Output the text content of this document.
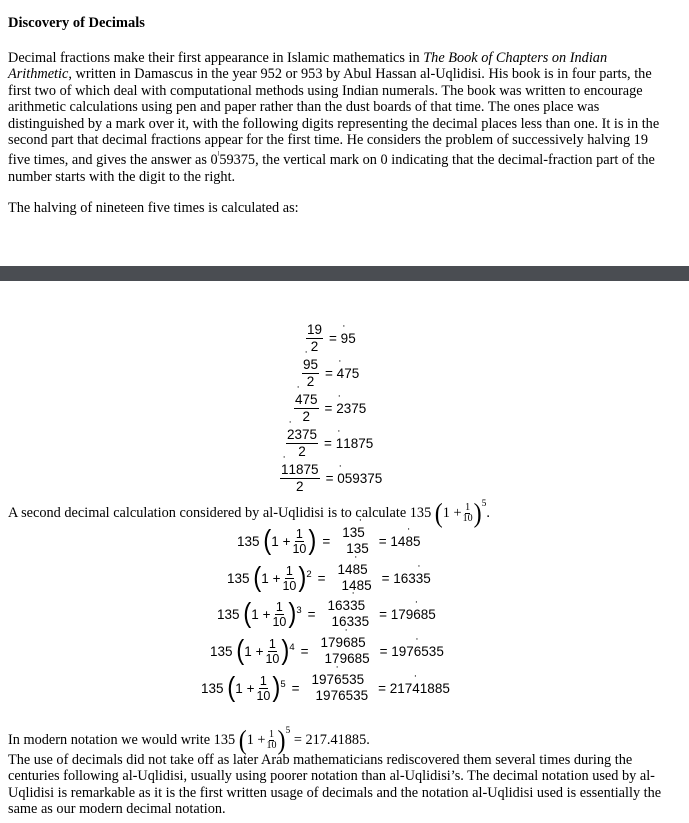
Discovery of Decimals
Decimal fractions make their first appearance in Islamic mathematics in The Book of Chapters on Indian Arithmetic, written in Damascus in the year 952 or 953 by Abul Hassan al-Uqlidisi. His book is in four parts, the first two of which deal with computational methods using Indian numerals. The book was written to encourage arithmetic calculations using pen and paper rather than the dust boards of that time. The ones place was distinguished by a mark over it, with the following digits representing the decimal places less than one. It is in the second part that decimal fractions appear for the first time. He considers the problem of successively halving 19 five times, and gives the answer as $0^ˡ59375$, the vertical mark on 0 indicating that the decimal-fraction part of the number starts with the digit to the right.
The halving of nineteen five times is calculated as:
$\frac{19}{2}$ = ˙ 95
˙ $\frac{95}{2}$ = ˙ 475
˙ $\frac{475}{2}$ = ˙ 2375
˙ $\frac{2375}{2}$ = ˙ 11875
˙ $\frac{11875}{2}$ = ˙ 059375
A second decimal calculation considered by al-Uqlidisi is to calculate 135 $(1 + \frac{1}{10} )^5$.
135
( $1 + \frac{1}{10}$ ) =
13˙ 5
135 = 14˙ 85
135
( $1 + \frac{1}{10}$ ) 2 =
14˙ 85
1485 = 163˙ 35
135
( $1 + \frac{1}{10}$ ) 3 =
163˙ 35
16335 = 179˙ 685
135
( $1 + \frac{1}{10}$ ) 4 =
179˙ 685
179685 = 197˙ 6535
135
( $1 + \frac{1}{10}$ ) 5 =
197˙ 6535
1976535 = 217˙ 41885
In modern notation we would write 135 $(1 + \frac{1}{10} )^5 = 217.41885$.
The use of decimals did not take off as later Arab mathematicians rediscovered them several times during the centuries following al-Uqlidisi, usually using poorer notation than al-Uqlidisi’s. The decimal notation used by al-Uqlidisi is remarkable as it is the first written usage of decimals and the notation al-Uqlidisi used is essentially the same as our modern decimal notation.
